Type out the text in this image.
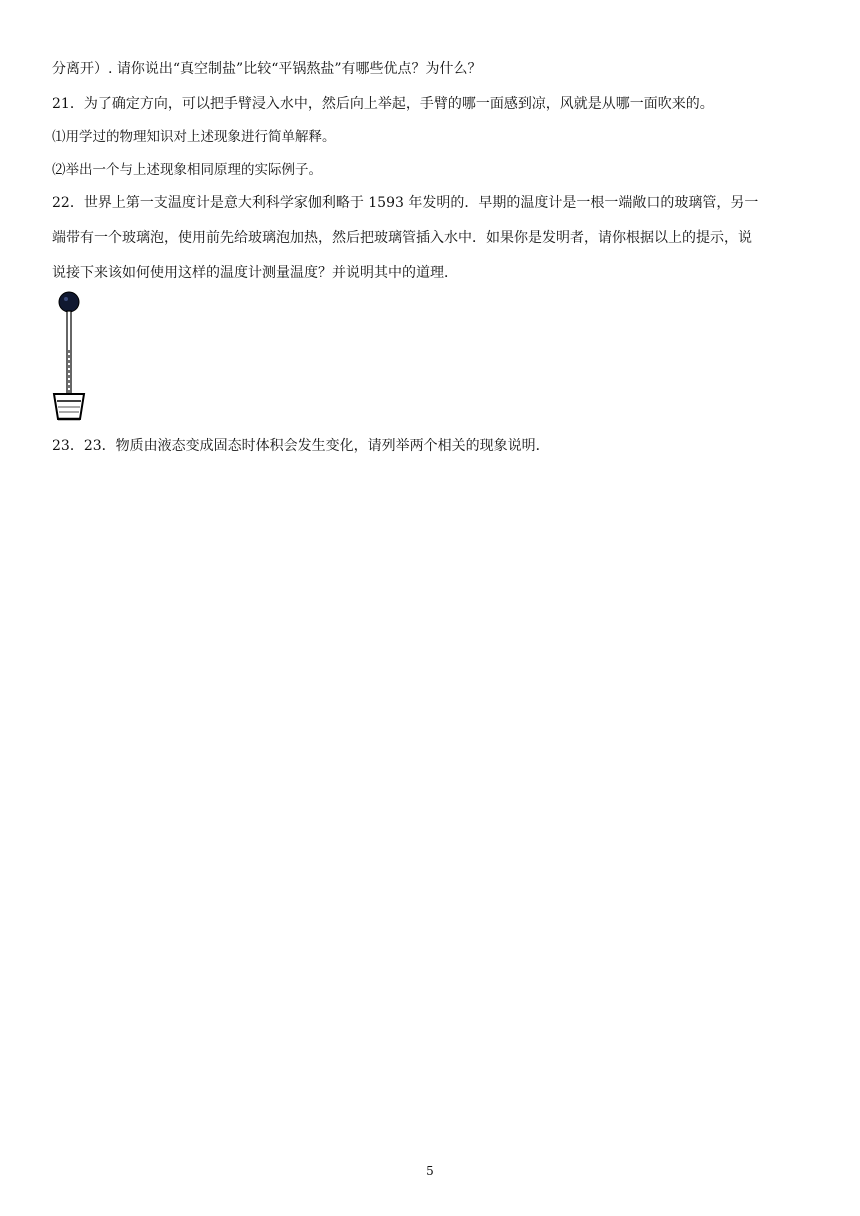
分离开）. 请你说出“真空制盐”比较“平锅熬盐”有哪些优点？为什么？
21．为了确定方向，可以把手臂浸入水中，然后向上举起，手臂的哪一面感到凉，风就是从哪一面吹来的。
⑴用学过的物理知识对上述现象进行简单解释。
⑵举出一个与上述现象相同原理的实际例子。
22．世界上第一支温度计是意大利科学家伽利略于 1593 年发明的．早期的温度计是一根一端敞口的玻璃管，另一
端带有一个玻璃泡，使用前先给玻璃泡加热，然后把玻璃管插入水中．如果你是发明者，请你根据以上的提示，说
说接下来该如何使用这样的温度计测量温度？并说明其中的道理．
23．23．物质由液态变成固态时体积会发生变化，请列举两个相关的现象说明．
5
